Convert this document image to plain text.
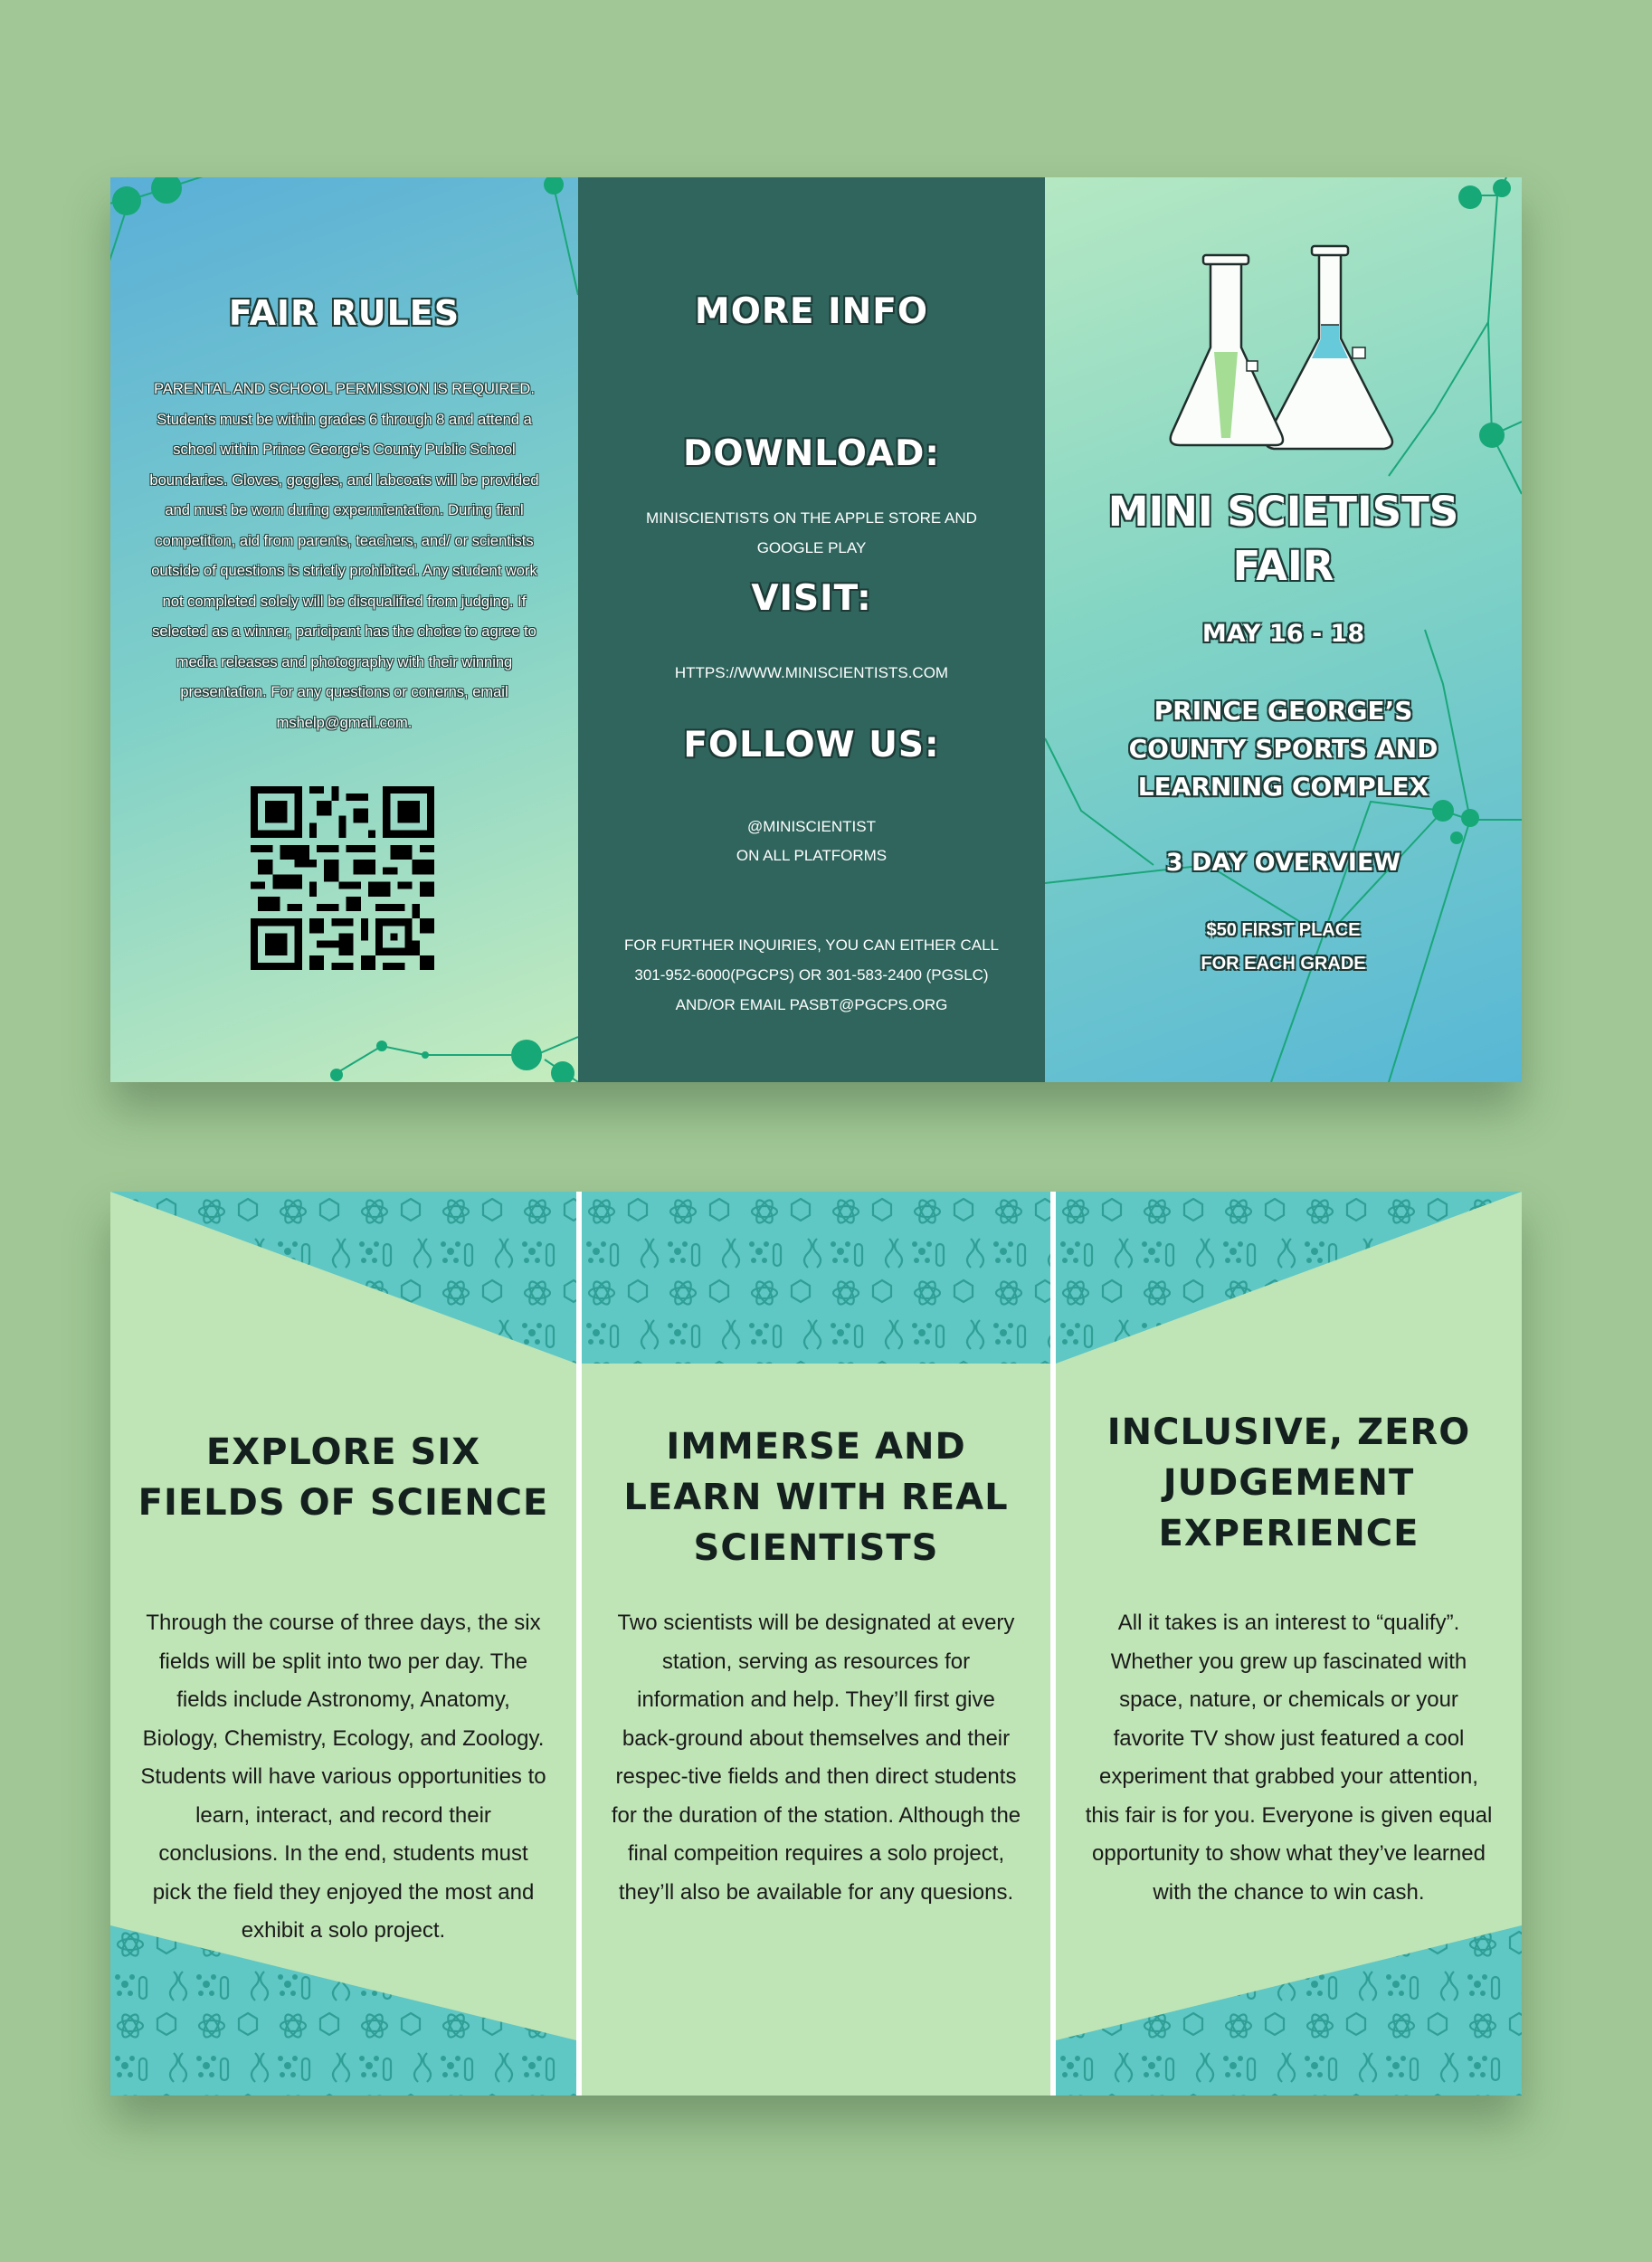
FAIR RULES
PARENTAL AND SCHOOL PERMISSION IS REQUIRED. Students must be within grades 6 through 8 and attend a school within Prince George’s County Public School boundaries. Gloves, goggles, and labcoats will be provided and must be worn during expermientation. During fianl competition, aid from parents, teachers, and/ or scientists outside of questions is strictly prohibited. Any student work not completed solely will be disqualified from judging. If selected as a winner, paricipant has the choice to agree to media releases and photography with their winning presentation. For any questions or conerns, email mshelp@gmail.com.
MORE INFO
DOWNLOAD:
MINISCIENTISTS ON THE APPLE STORE AND GOOGLE PLAY
VISIT:
HTTPS://WWW.MINISCIENTISTS.COM
FOLLOW US:
@MINISCIENTIST
ON ALL PLATFORMS
FOR FURTHER INQUIRIES, YOU CAN EITHER CALL 301-952-6000(PGCPS) OR 301-583-2400 (PGSLC) AND/OR EMAIL PASBT@PGCPS.ORG
MINI SCIETISTS
FAIR
MAY 16 - 18
PRINCE GEORGE’S
COUNTY SPORTS AND
LEARNING COMPLEX
3 DAY OVERVIEW
$50 FIRST PLACE
FOR EACH GRADE
EXPLORE SIX
FIELDS OF SCIENCE
Through the course of three days, the six fields will be split into two per day. The fields include Astronomy, Anatomy, Biology, Chemistry, Ecology, and Zoology. Students will have various opportunities to learn, interact, and record their conclusions. In the end, students must pick the field they enjoyed the most and exhibit a solo project.
IMMERSE AND
LEARN WITH REAL
SCIENTISTS
Two scientists will be designated at every station, serving as resources for information and help. They’ll first give back-ground about themselves and their respec-tive fields and then direct students for the duration of the station. Although the final compeition requires a solo project, they’ll also be available for any quesions.
INCLUSIVE, ZERO
JUDGEMENT
EXPERIENCE
All it takes is an interest to “qualify”. Whether you grew up fascinated with space, nature, or chemicals or your favorite TV show just featured a cool experiment that grabbed your attention, this fair is for you. Everyone is given equal opportunity to show what they’ve learned with the chance to win cash.
